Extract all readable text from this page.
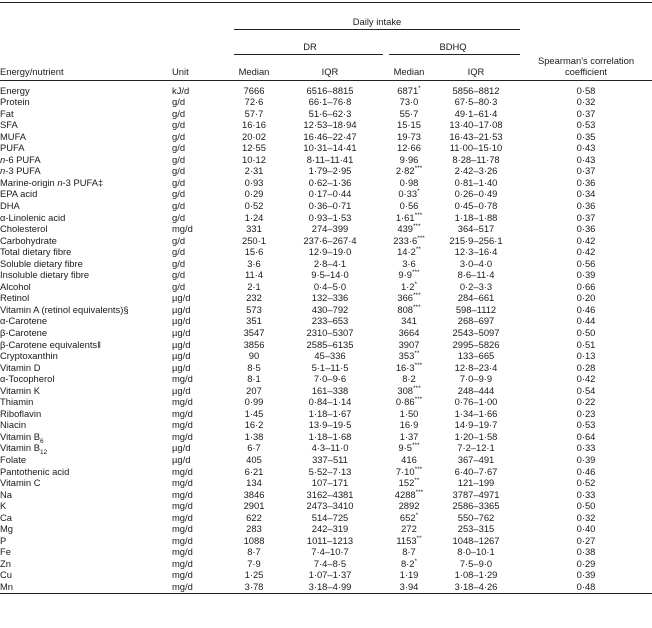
		Daily intake				

		DR		BDHQ		

						Spearman's correlation
Energy/nutrient	Unit	Median	IQR	Median	IQR	coefficient
Energy	kJ/d	7666	6516–8815	6871*	5856–8812	0·58
Protein	g/d	72·6	66·1–76·8	73·0	67·5–80·3	0·32
Fat	g/d	57·7	51·6–62·3	55·7	49·1–61·4	0·37
SFA	g/d	16·16	12·53–18·94	15·15	13·40–17·08	0·53
MUFA	g/d	20·02	16·46–22·47	19·73	16·43–21·53	0·35
PUFA	g/d	12·55	10·31–14·41	12·66	11·00–15·10	0·43
n-6 PUFA	g/d	10·12	8·11–11·41	9·96	8·28–11·78	0·43
n-3 PUFA	g/d	2·31	1·79–2·95	2·82***	2·42–3·26	0·37
Marine-origin n-3 PUFA‡	g/d	0·93	0·62–1·36	0·98	0·81–1·40	0·36
EPA acid	g/d	0·29	0·17–0·44	0·33*	0·26–0·49	0·34
DHA	g/d	0·52	0·36–0·71	0·56	0·45–0·78	0·36
α-Linolenic acid	g/d	1·24	0·93–1·53	1·61***	1·18–1·88	0·37
Cholesterol	mg/d	331	274–399	439***	364–517	0·36
Carbohydrate	g/d	250·1	237·6–267·4	233·6***	215·9–256·1	0·42
Total dietary fibre	g/d	15·6	12·9–19·0	14·2**	12·3–16·4	0·42
Soluble dietary fibre	g/d	3·6	2·8–4·1	3·6	3·0–4·0	0·56
Insoluble dietary fibre	g/d	11·4	9·5–14·0	9·9***	8·6–11·4	0·39
Alcohol	g/d	2·1	0·4–5·0	1·2*	0·2–3·3	0·66
Retinol	µg/d	232	132–336	366***	284–661	0·20
Vitamin A (retinol equivalents)§	µg/d	573	430–792	808***	598–1112	0·46
α-Carotene	µg/d	351	233–653	341	268–697	0·44
β-Carotene	µg/d	3547	2310–5307	3664	2543–5097	0·50
β-Carotene equivalents‖	µg/d	3856	2585–6135	3907	2995–5826	0·51
Cryptoxanthin	µg/d	90	45–336	353**	133–665	0·13
Vitamin D	µg/d	8·5	5·1–11·5	16·3***	12·8–23·4	0·28
α-Tocopherol	mg/d	8·1	7·0–9·6	8·2	7·0–9·9	0·42
Vitamin K	µg/d	207	161–338	308***	248–444	0·54
Thiamin	mg/d	0·99	0·84–1·14	0·86***	0·76–1·00	0·22
Riboflavin	mg/d	1·45	1·18–1·67	1·50	1·34–1·66	0·23
Niacin	mg/d	16·2	13·9–19·5	16·9	14·9–19·7	0·53
Vitamin $B_6$	mg/d	1·38	1·18–1·68	1·37	1·20–1·58	0·64
Vitamin $B_{12}$	µg/d	6·7	4·3–11·0	9·5***	7·2–12·1	0·33
Folate	µg/d	405	337–511	416	367–491	0·39
Pantothenic acid	mg/d	6·21	5·52–7·13	7·10***	6·40–7·67	0·46
Vitamin C	mg/d	134	107–171	152**	121–199	0·52
Na	mg/d	3846	3162–4381	4288***	3787–4971	0·33
K	mg/d	2901	2473–3410	2892	2586–3365	0·50
Ca	mg/d	622	514–725	652*	550–762	0·32
Mg	mg/d	283	242–319	272	253–315	0·40
P	mg/d	1088	1011–1213	1153**	1048–1267	0·27
Fe	mg/d	8·7	7·4–10·7	8·7	8·0–10·1	0·38
Zn	mg/d	7·9	7·4–8·5	8·2*	7·5–9·0	0·29
Cu	mg/d	1·25	1·07–1·37	1·19	1·08–1·29	0·39
Mn	mg/d	3·78	3·18–4·99	3·94	3·18–4·26	0·48
